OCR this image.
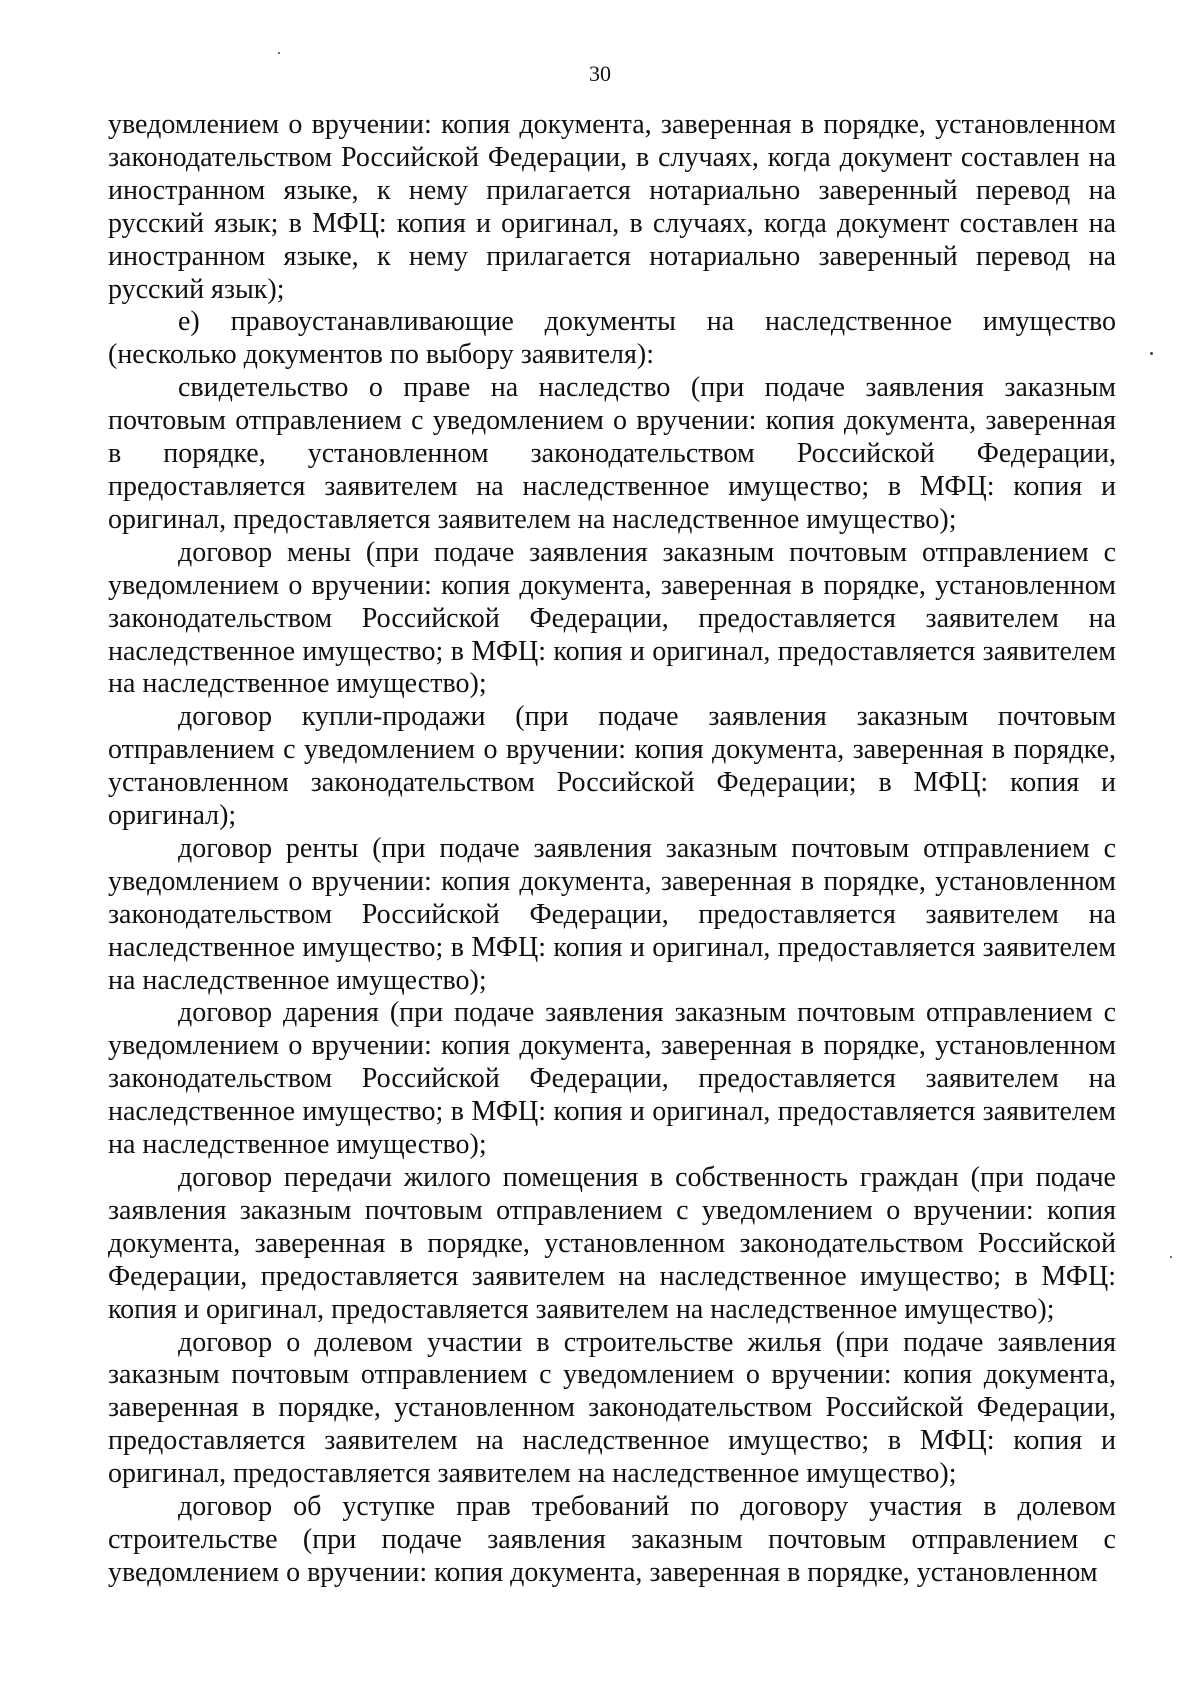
30

уведомлением о вручении: копия документа, заверенная в порядке, установленном законодательством Российской Федерации, в случаях, когда документ составлен на иностранном языке, к нему прилагается нотариально заверенный перевод на русский язык; в МФЦ: копия и оригинал, в случаях, когда документ составлен на иностранном языке, к нему прилагается нотариально заверенный перевод на русский язык);

е) правоустанавливающие документы на наследственное имущество (несколько документов по выбору заявителя):

свидетельство о праве на наследство (при подаче заявления заказным почтовым отправлением с уведомлением о вручении: копия документа, заверенная в порядке, установленном законодательством Российской Федерации, предоставляется заявителем на наследственное имущество; в МФЦ: копия и оригинал, предоставляется заявителем на наследственное имущество);

договор мены (при подаче заявления заказным почтовым отправлением с уведомлением о вручении: копия документа, заверенная в порядке, установленном законодательством Российской Федерации, предоставляется заявителем на наследственное имущество; в МФЦ: копия и оригинал, предоставляется заявителем на наследственное имущество);

договор купли-продажи (при подаче заявления заказным почтовым отправлением с уведомлением о вручении: копия документа, заверенная в порядке, установленном законодательством Российской Федерации; в МФЦ: копия и оригинал);

договор ренты (при подаче заявления заказным почтовым отправлением с уведомлением о вручении: копия документа, заверенная в порядке, установленном законодательством Российской Федерации, предоставляется заявителем на наследственное имущество; в МФЦ: копия и оригинал, предоставляется заявителем на наследственное имущество);

договор дарения (при подаче заявления заказным почтовым отправлением с уведомлением о вручении: копия документа, заверенная в порядке, установленном законодательством Российской Федерации, предоставляется заявителем на наследственное имущество; в МФЦ: копия и оригинал, предоставляется заявителем на наследственное имущество);

договор передачи жилого помещения в собственность граждан (при подаче заявления заказным почтовым отправлением с уведомлением о вручении: копия документа, заверенная в порядке, установленном законодательством Российской Федерации, предоставляется заявителем на наследственное имущество; в МФЦ: копия и оригинал, предоставляется заявителем на наследственное имущество);

договор о долевом участии в строительстве жилья (при подаче заявления заказным почтовым отправлением с уведомлением о вручении: копия документа, заверенная в порядке, установленном законодательством Российской Федерации, предоставляется заявителем на наследственное имущество; в МФЦ: копия и оригинал, предоставляется заявителем на наследственное имущество);

договор об уступке прав требований по договору участия в долевом строительстве (при подаче заявления заказным почтовым отправлением с уведомлением о вручении: копия документа, заверенная в порядке, установленном
